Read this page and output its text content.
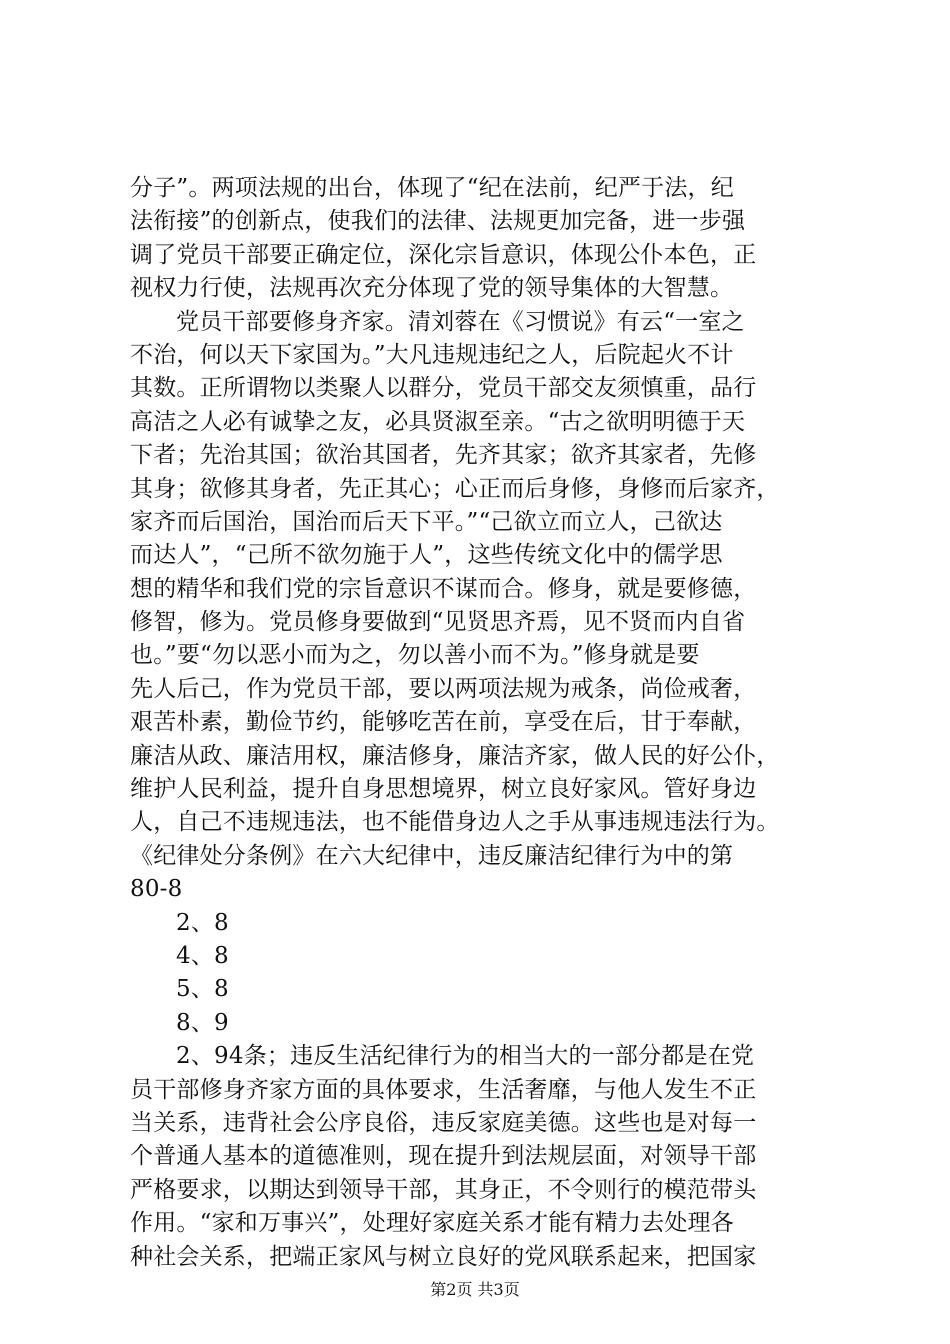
分子”。两项法规的出台，体现了“纪在法前，纪严于法，纪
法衔接”的创新点，使我们的法律、法规更加完备，进一步强
调了党员干部要正确定位，深化宗旨意识，体现公仆本色，正
视权力行使，法规再次充分体现了党的领导集体的大智慧。
党员干部要修身齐家。清刘蓉在《习惯说》有云“一室之
不治，何以天下家国为。”大凡违规违纪之人，后院起火不计
其数。正所谓物以类聚人以群分，党员干部交友须慎重，品行
高洁之人必有诚挚之友，必具贤淑至亲。“古之欲明明德于天
下者；先治其国；欲治其国者，先齐其家；欲齐其家者，先修
其身；欲修其身者，先正其心；心正而后身修，身修而后家齐，
家齐而后国治，国治而后天下平。”“己欲立而立人，己欲达
而达人”，“己所不欲勿施于人”，这些传统文化中的儒学思
想的精华和我们党的宗旨意识不谋而合。修身，就是要修德，
修智，修为。党员修身要做到“见贤思齐焉，见不贤而内自省
也。”要“勿以恶小而为之，勿以善小而不为。”修身就是要
先人后己，作为党员干部，要以两项法规为戒条，尚俭戒奢，
艰苦朴素，勤俭节约，能够吃苦在前，享受在后，甘于奉献，
廉洁从政、廉洁用权，廉洁修身，廉洁齐家，做人民的好公仆，
维护人民利益，提升自身思想境界，树立良好家风。管好身边
人，自己不违规违法，也不能借身边人之手从事违规违法行为。
《纪律处分条例》在六大纪律中，违反廉洁纪律行为中的第
80-8
2、8
4、8
5、8
8、9
2、94条；违反生活纪律行为的相当大的一部分都是在党
员干部修身齐家方面的具体要求，生活奢靡，与他人发生不正
当关系，违背社会公序良俗，违反家庭美德。这些也是对每一
个普通人基本的道德准则，现在提升到法规层面，对领导干部
严格要求，以期达到领导干部，其身正，不令则行的模范带头
作用。“家和万事兴”，处理好家庭关系才能有精力去处理各
种社会关系，把端正家风与树立良好的党风联系起来，把国家
第2页 共3页
